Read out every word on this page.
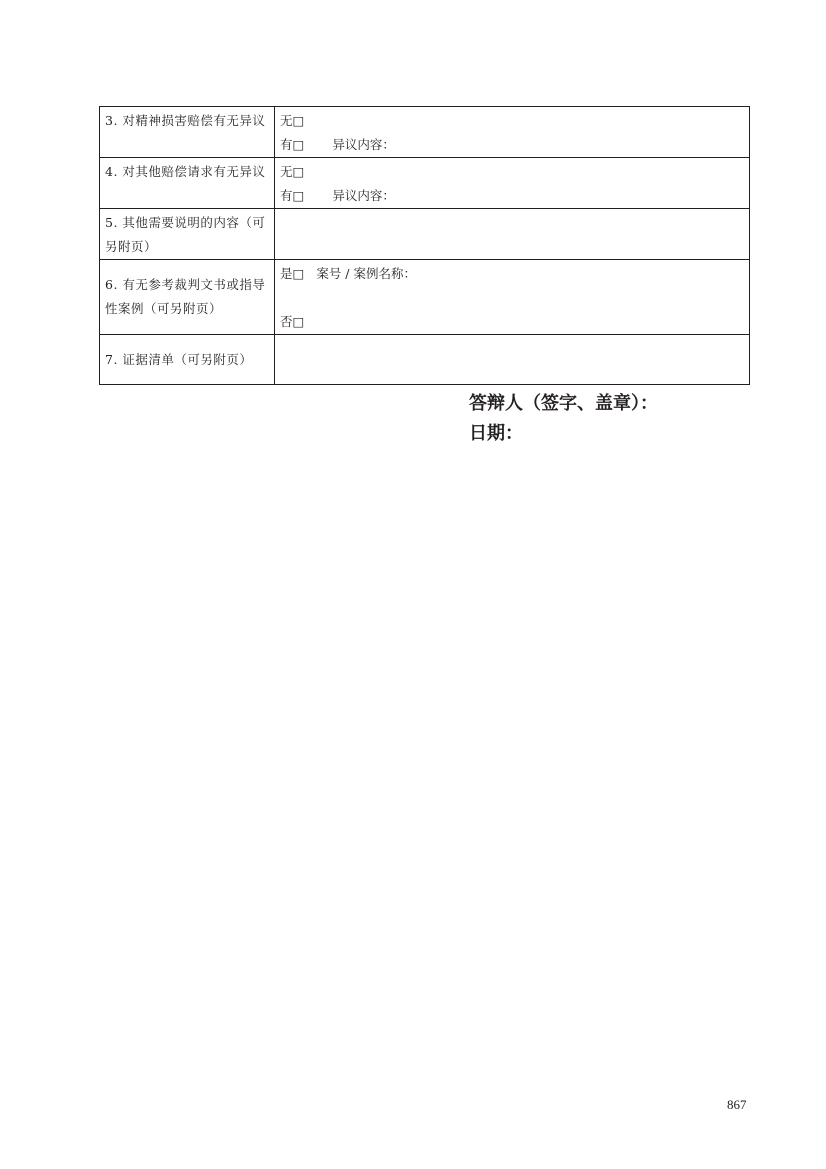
3. 对精神损害赔偿有无异议	无□
有□ 异议内容：

4. 对其他赔偿请求有无异议	无□
有□ 异议内容：

5. 其他需要说明的内容（可另附页）	
6. 有无参考裁判文书或指导性案例（可另附页）	是□ 案号 / 案例名称：
否□

7. 证据清单（可另附页）	
答辩人（签字、盖章）：
日期：
867
